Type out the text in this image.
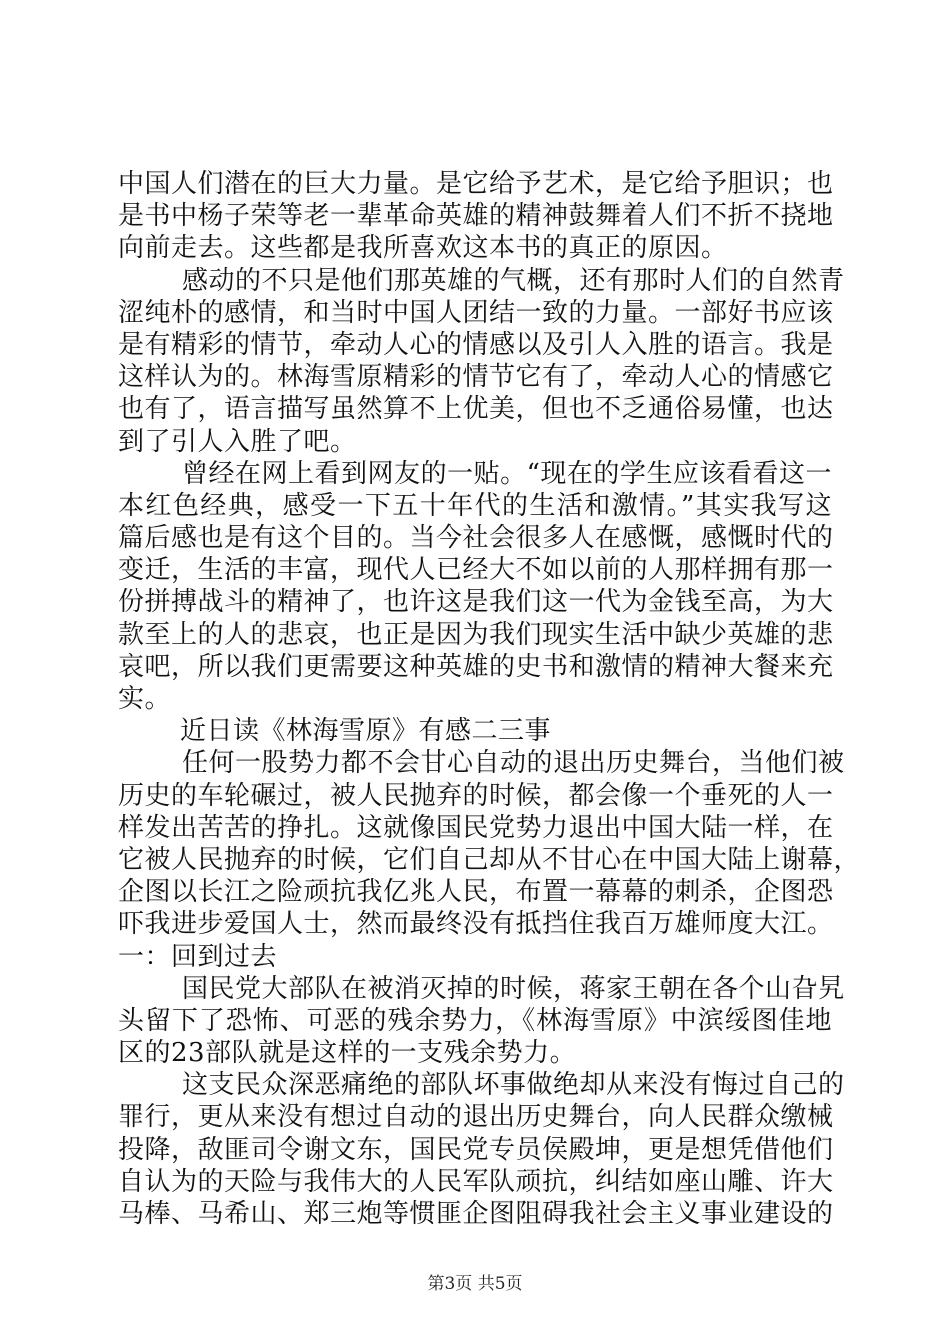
中国人们潜在的巨大力量。是它给予艺术，是它给予胆识；也
是书中杨子荣等老一辈革命英雄的精神鼓舞着人们不折不挠地
向前走去。这些都是我所喜欢这本书的真正的原因。
感动的不只是他们那英雄的气概，还有那时人们的自然青
涩纯朴的感情，和当时中国人团结一致的力量。一部好书应该
是有精彩的情节，牵动人心的情感以及引人入胜的语言。我是
这样认为的。林海雪原精彩的情节它有了，牵动人心的情感它
也有了，语言描写虽然算不上优美，但也不乏通俗易懂，也达
到了引人入胜了吧。
曾经在网上看到网友的一贴。“现在的学生应该看看这一
本红色经典，感受一下五十年代的生活和激情。”其实我写这
篇后感也是有这个目的。当今社会很多人在感慨，感慨时代的
变迁，生活的丰富，现代人已经大不如以前的人那样拥有那一
份拼搏战斗的精神了，也许这是我们这一代为金钱至高，为大
款至上的人的悲哀，也正是因为我们现实生活中缺少英雄的悲
哀吧，所以我们更需要这种英雄的史书和激情的精神大餐来充
实。
近日读《林海雪原》有感二三事
任何一股势力都不会甘心自动的退出历史舞台，当他们被
历史的车轮碾过，被人民抛弃的时候，都会像一个垂死的人一
样发出苦苦的挣扎。这就像国民党势力退出中国大陆一样，在
它被人民抛弃的时候，它们自己却从不甘心在中国大陆上谢幕，
企图以长江之险顽抗我亿兆人民，布置一幕幕的刺杀，企图恐
吓我进步爱国人士，然而最终没有抵挡住我百万雄师度大江。
一：回到过去
国民党大部队在被消灭掉的时候，蒋家王朝在各个山旮旯
头留下了恐怖、可恶的残余势力，《林海雪原》中滨绥图佳地
区的23部队就是这样的一支残余势力。
这支民众深恶痛绝的部队坏事做绝却从来没有悔过自己的
罪行，更从来没有想过自动的退出历史舞台，向人民群众缴械
投降，敌匪司令谢文东，国民党专员侯殿坤，更是想凭借他们
自认为的天险与我伟大的人民军队顽抗，纠结如座山雕、许大
马棒、马希山、郑三炮等惯匪企图阻碍我社会主义事业建设的
第3页 共5页
